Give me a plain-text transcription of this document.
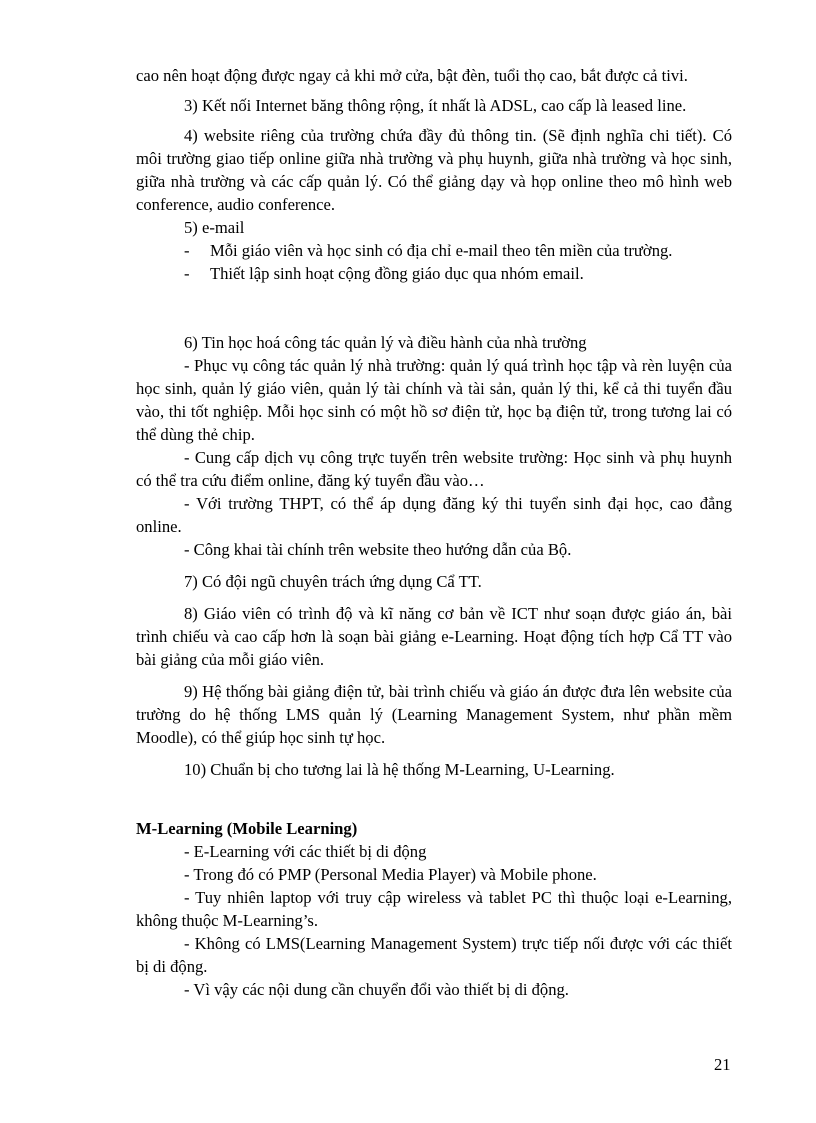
cao nên hoạt động được ngay cả khi mở cửa, bật đèn, tuổi thọ cao, bắt được cả tivi.

3) Kết nối Internet băng thông rộng, ít nhất là ADSL, cao cấp là leased line.

4) website riêng của trường chứa đầy đủ thông tin. (Sẽ định nghĩa chi tiết). Có môi trường giao tiếp online giữa nhà trường và phụ huynh, giữa nhà trường và học sinh, giữa nhà trường và các cấp quản lý. Có thể giảng dạy và họp online theo mô hình web conference, audio conference.

5) e-mail

-	Mỗi giáo viên và học sinh có địa chỉ e-mail theo tên miền của trường.
-	Thiết lập sinh hoạt cộng đồng giáo dục qua nhóm email.

6) Tin học hoá công tác quản lý và điều hành của nhà trường

- Phục vụ công tác quản lý nhà trường: quản lý quá trình học tập và rèn luyện của học sinh, quản lý giáo viên, quản lý tài chính và tài sản, quản lý thi, kể cả thi tuyển đầu vào, thi tốt nghiệp. Mỗi học sinh có một hồ sơ điện tử, học bạ điện tử, trong tương lai có thể dùng thẻ chip.

- Cung cấp dịch vụ công trực tuyến trên website trường: Học sinh và phụ huynh có thể tra cứu điểm online, đăng ký tuyển đầu vào…

- Với trường THPT, có thể áp dụng đăng ký thi tuyển sinh đại học, cao đẳng online.

- Công khai tài chính trên website theo hướng dẫn của Bộ.

7) Có đội ngũ chuyên trách ứng dụng Cẩ TT.

8) Giáo viên có trình độ và kĩ năng cơ bản về ICT như soạn được giáo án, bài trình chiếu và cao cấp hơn là soạn bài giảng e-Learning. Hoạt động tích hợp Cẩ TT vào bài giảng của mỗi giáo viên.

9) Hệ thống bài giảng điện tử, bài trình chiếu và giáo án được đưa lên website của trường do hệ thống LMS quản lý (Learning Management System, như phần mềm Moodle), có thể giúp học sinh tự học.

10) Chuẩn bị cho tương lai là hệ thống M-Learning, U-Learning.

M-Learning (Mobile Learning)

- E-Learning với các thiết bị di động

- Trong đó có PMP (Personal Media Player) và Mobile phone.

- Tuy nhiên laptop với truy cập wireless và tablet PC thì thuộc loại e-Learning, không thuộc M-Learning’s.

- Không có LMS(Learning Management System) trực tiếp nối được với các thiết bị di động.

- Vì vậy các nội dung cần chuyển đổi vào thiết bị di động.

21
